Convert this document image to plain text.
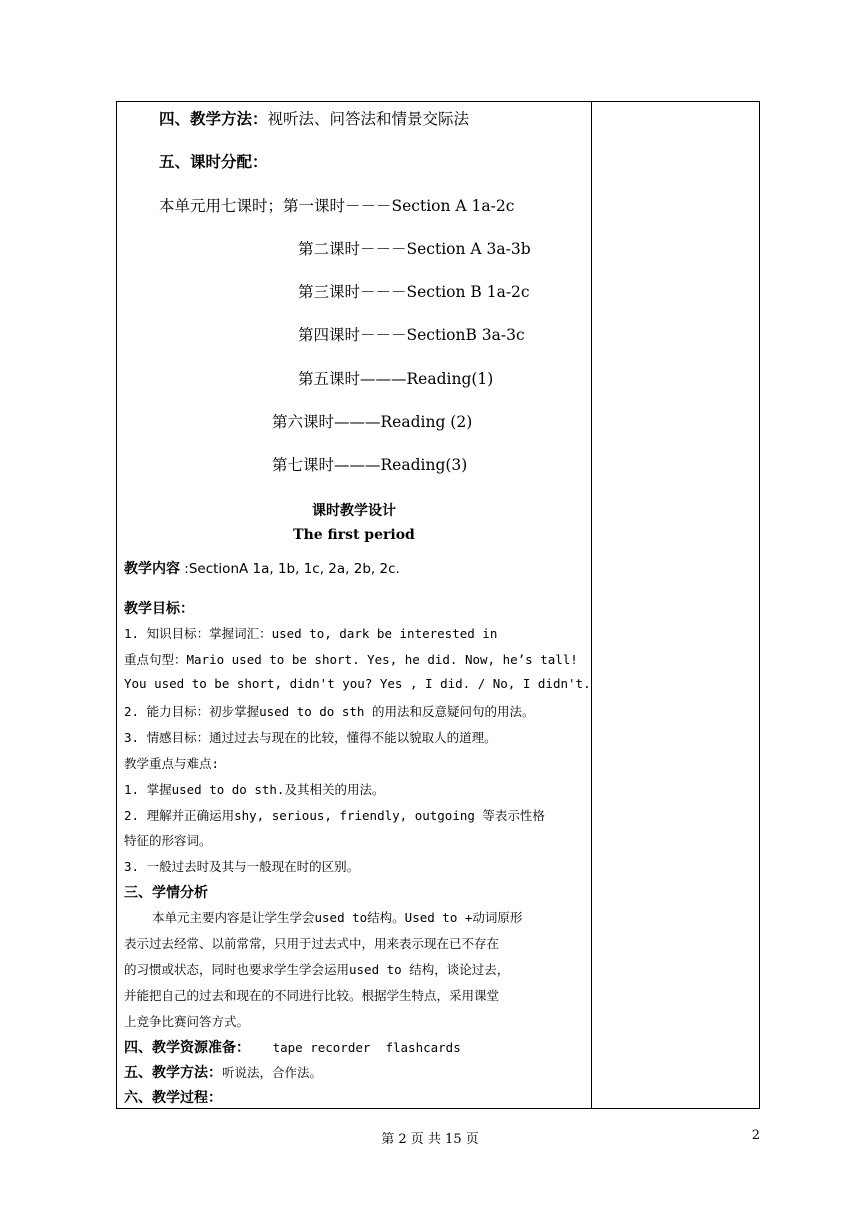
四、教学方法：视听法、问答法和情景交际法
五、课时分配：
本单元用七课时；第一课时－－－Section A 1a-2c
第二课时－－－Section A 3a-3b
第三课时－－－Section B 1a-2c
第四课时－－－SectionB 3a-3c
第五课时———Reading(1)
第六课时———Reading (2)
第七课时———Reading(3)
课时教学设计
The first period
教学内容 :SectionA 1a, 1b, 1c, 2a, 2b, 2c.
教学目标：
1. 知识目标：掌握词汇：used to, dark be interested in
重点句型：Mario used to be short. Yes, he did. Now, he’s tall!
You used to be short, didn't you? Yes , I did. / No, I didn't.
2. 能力目标：初步掌握used to do sth 的用法和反意疑问句的用法。
3. 情感目标：通过过去与现在的比较，懂得不能以貌取人的道理。
教学重点与难点:
1. 掌握used to do sth.及其相关的用法。
2. 理解并正确运用shy, serious, friendly, outgoing 等表示性格
特征的形容词。
3. 一般过去时及其与一般现在时的区别。
三、学情分析
本单元主要内容是让学生学会used to结构。Used to +动词原形
表示过去经常、以前常常，只用于过去式中，用来表示现在已不存在
的习惯或状态，同时也要求学生学会运用used to 结构，谈论过去，
并能把自己的过去和现在的不同进行比较。根据学生特点，采用课堂
上竞争比赛问答方式。
四、教学资源准备：   tape recorder  flashcards
五、教学方法：听说法，合作法。
六、教学过程：
第 2 页 共 15 页	2
